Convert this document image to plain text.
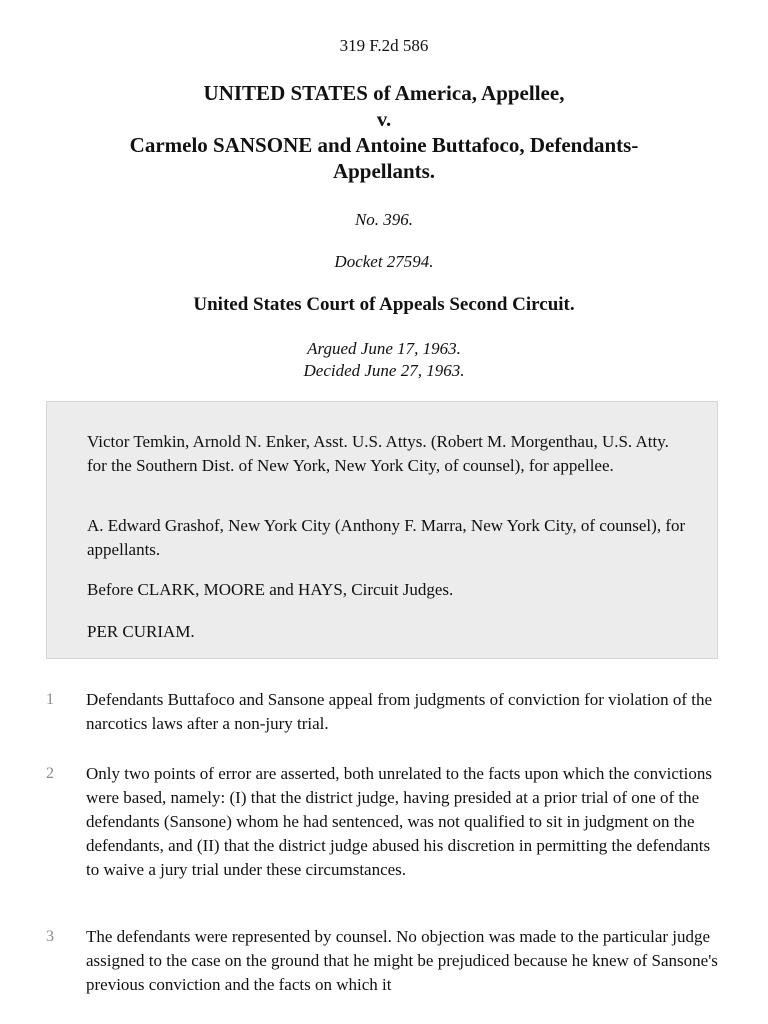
319 F.2d 586
UNITED STATES of America, Appellee,
v.
Carmelo SANSONE and Antoine Buttafoco, Defendants-
Appellants.
No. 396.
Docket 27594.
United States Court of Appeals Second Circuit.
Argued June 17, 1963.
Decided June 27, 1963.

Victor Temkin, Arnold N. Enker, Asst. U.S. Attys. (Robert M. Morgenthau, U.S. Atty. for the Southern Dist. of New York, New York City, of counsel), for appellee.

A. Edward Grashof, New York City (Anthony F. Marra, New York City, of counsel), for appellants.

Before CLARK, MOORE and HAYS, Circuit Judges.

PER CURIAM.

1	Defendants Buttafoco and Sansone appeal from judgments of conviction for violation of the narcotics laws after a non-jury trial.

2	Only two points of error are asserted, both unrelated to the facts upon which the convictions were based, namely: (I) that the district judge, having presided at a prior trial of one of the defendants (Sansone) whom he had sentenced, was not qualified to sit in judgment on the defendants, and (II) that the district judge abused his discretion in permitting the defendants to waive a jury trial under these circumstances.

3	The defendants were represented by counsel. No objection was made to the particular judge assigned to the case on the ground that he might be prejudiced because he knew of Sansone's previous conviction and the facts on which it
